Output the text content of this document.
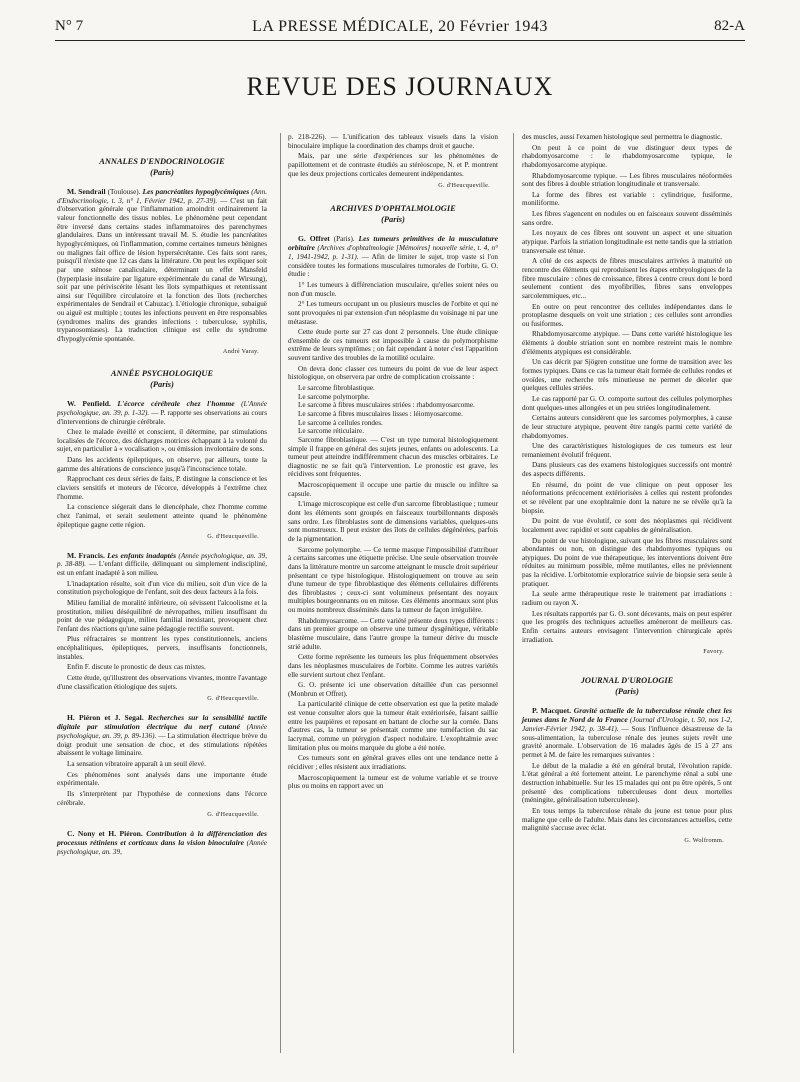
N° 7	LA PRESSE MÉDICALE, 20 Février 1943	82-A
REVUE DES JOURNAUX
ANNALES D'ENDOCRINOLOGIE
(Paris)

M. Sendrail (Toulouse). Les pancréatites hypoglycémiques (Ann. d'Endocrinologie, t. 3, n° 1, Février 1942, p. 27-39). — C'est un fait d'observation générale que l'inflammation amoindrit ordinairement la valeur fonctionnelle des tissus nobles. Le phénomène peut cependant être inversé dans certains stades inflammatoires des parenchymes glandulaires. Dans un intéressant travail M. S. étudie les pancréatites hypoglycémiques, où l'inflammation, comme certaines tumeurs bénignes ou malignes fait office de lésion hypersécrétante. Ces faits sont rares, puisqu'il n'existe que 12 cas dans la littérature. On peut les expliquer soit par une sténose canaliculaire, déterminant un effet Mansfeld (hyperplasie insulaire par ligature expérimentale du canal de Wirsung), soit par une périviscérite lésant les îlots sympathiques et retentissant ainsi sur l'équilibre circulatoire et la fonction des îlots (recherches expérimentales de Sendrail et Cahuzac). L'étiologie chronique, subaiguë ou aiguë est multiple ; toutes les infections peuvent en être responsables (syndromes malins des grandes infections : tuberculose, syphilis, trypanosomiases). La traduction clinique est celle du syndrome d'hypoglycémie spontanée.

André Varay.
ANNÉE PSYCHOLOGIQUE
(Paris)

W. Penfield. L'écorce cérébrale chez l'homme (L'Année psychologique, an. 39, p. 1-32). — P. rapporte ses observations au cours d'interventions de chirurgie cérébrale.

Chez le malade éveillé et conscient, il détermine, par stimulations localisées de l'écorce, des décharges motrices échappant à la volonté du sujet, en particulier à « vocalisation », ou émission involontaire de sons.

Dans les accidents épileptiques, on observe, par ailleurs, toute la gamme des altérations de conscience jusqu'à l'inconscience totale.

Rapprochant ces deux séries de faits, P. distingue la conscience et les claviers sensitifs et moteurs de l'écorce, développés à l'extrême chez l'homme.

La conscience siégerait dans le diencéphale, chez l'homme comme chez l'animal, et serait seulement atteinte quand le phénomène épileptique gagne cette région.

G. d'Heucqueville.

M. Francis. Les enfants inadaptés (Année psychologique, an. 39, p. 38-88). — L'enfant difficile, délinquant ou simplement indiscipliné, est un enfant inadapté à son milieu.

L'inadaptation résulte, soit d'un vice du milieu, soit d'un vice de la constitution psychologique de l'enfant, soit des deux facteurs à la fois.

Milieu familial de moralité inférieure, où sévissent l'alcoolisme et la prostitution, milieu déséquilibré de névropathes, milieu insuffisant du point de vue pédagogique, milieu familial inexistant, provoquent chez l'enfant des réactions qu'une saine pédagogie rectifie souvent.

Plus réfractaires se montrent les types constitutionnels, anciens encéphalitiques, épileptiques, pervers, insuffisants fonctionnels, instables.

Enfin F. discute le pronostic de deux cas mixtes.

Cette étude, qu'illustrent des observations vivantes, montre l'avantage d'une classification étiologique des sujets.

G. d'Heucqueville.

H. Piéron et J. Segal. Recherches sur la sensibilité tactile digitale par stimulation électrique du nerf cutané (Année psychologique, an. 39, p. 89-136). — La stimulation électrique brève du doigt produit une sensation de choc, et des stimulations répétées abaissent le voltage liminaire.

La sensation vibratoire apparaît à un seuil élevé.

Ces phénomènes sont analysés dans une importante étude expérimentale.

Ils s'interprètent par l'hypothèse de connexions dans l'écorce cérébrale.

G. d'Heucqueville.

C. Nony et H. Piéron. Contribution à la différenciation des processus rétiniens et corticaux dans la vision binoculaire (Année psychologique, an. 39,

p. 218-226). — L'unification des tableaux visuels dans la vision binoculaire implique la coordination des champs droit et gauche.

Mais, par une série d'expériences sur les phénomènes de papillottement et de contraste étudiés au stéréoscope, N. et P. montrent que les deux projections corticales demeurent indépendantes.

G. d'Heucqueville.
ARCHIVES D'OPHTALMOLOGIE
(Paris)

G. Offret (Paris). Les tumeurs primitives de la musculature orbitaire (Archives d'ophtalmologie [Mémoires] nouvelle série, t. 4, n° 1, 1941-1942, p. 1-31). — Afin de limiter le sujet, trop vaste si l'on considère toutes les formations musculaires tumorales de l'orbite, G. O. étudie :

1° Les tumeurs à différenciation musculaire, qu'elles soient nées ou non d'un muscle.

2° Les tumeurs occupant un ou plusieurs muscles de l'orbite et qui ne sont provoquées ni par extension d'un néoplasme du voisinage ni par une métastase.

Cette étude porte sur 27 cas dont 2 personnels. Une étude clinique d'ensemble de ces tumeurs est impossible à cause du polymorphisme extrême de leurs symptômes ; on fait cependant à noter c'est l'apparition souvent tardive des troubles de la motilité oculaire.

On devra donc classer ces tumeurs du point de vue de leur aspect histologique, on observera par ordre de complication croissante :

Le sarcome fibroblastique.
Le sarcome polymorphe.
Le sarcome à fibres musculaires striées : rhabdomyosarcome.
Le sarcome à fibres musculaires lisses : léiomyosarcome.
Le sarcome à cellules rondes.
Le sarcome réticulaire.

Sarcome fibroblastique. — C'est un type tumoral histologiquement simple il frappe en général des sujets jeunes, enfants ou adolescents. La tumeur peut atteindre indifféremment chacun des muscles orbitaires. Le diagnostic ne se fait qu'à l'intervention. Le pronostic est grave, les récidives sont fréquentes.

Macroscopiquement il occupe une partie du muscle ou infiltre sa capsule.

L'image microscopique est celle d'un sarcome fibroblastique ; tumeur dont les éléments sont groupés en faisceaux tourbillonnants disposés sans ordre. Les fibroblastes sont de dimensions variables, quelques-uns sont monstrueux. Il peut exister des îlots de cellules dégénérées, parfois de la pigmentation.

Sarcome polymorphe. — Ce terme masque l'impossibilité d'attribuer à certains sarcomes une étiquette précise. Une seule observation trouvée dans la littérature montre un sarcome atteignant le muscle droit supérieur présentant ce type histologique. Histologiquement on trouve au sein d'une tumeur de type fibroblastique des éléments cellulaires différents des fibroblastes ; ceux-ci sont volumineux présentant des noyaux multiples bourgeonnants ou en mitose. Ces éléments anormaux sont plus ou moins nombreux disséminés dans la tumeur de façon irrégulière.

Rhabdomyosarcome. — Cette variété présente deux types différents : dans un premier groupe on observe une tumeur dysgénétique, véritable blastème musculaire, dans l'autre groupe la tumeur dérive du muscle strié adulte.

Cette forme représente les tumeurs les plus fréquemment observées dans les néoplasmes musculaires de l'orbite. Comme les autres variétés elle survient surtout chez l'enfant.

G. O. présente ici une observation détaillée d'un cas personnel (Monbrun et Offret).

La particularité clinique de cette observation est que la petite malade est venue consulter alors que la tumeur était extériorisée, faisant saillie entre les paupières et reposant en battant de cloche sur la cornée. Dans d'autres cas, la tumeur se présentait comme une tuméfaction du sac lacrymal, comme un ptérygion d'aspect nodulaire. L'exophtalmie avec limitation plus ou moins marquée du globe a été notée.

Ces tumeurs sont en général graves elles ont une tendance nette à récidiver ; elles résistent aux irradiations.

Macroscopiquement la tumeur est de volume variable et se trouve plus ou moins en rapport avec un

des muscles, aussi l'examen histologique seul permettra le diagnostic.

On peut à ce point de vue distinguer deux types de rhabdomyosarcome : le rhabdomyosarcome typique, le rhabdomyosarcome atypique.

Rhabdomyosarcome typique. — Les fibres musculaires néoformées sont des fibres à double striation longitudinale et transversale.

La forme des fibres est variable : cylindrique, fusiforme, moniliforme.

Les fibres s'agencent en nodules ou en faisceaux souvent disséminés sans ordre.

Les noyaux de ces fibres ont souvent un aspect et une situation atypique. Parfois la striation longitudinale est nette tandis que la striation transversale est ténue.

A côté de ces aspects de fibres musculaires arrivées à maturité on rencontre des éléments qui reproduisent les étapes embryologiques de la fibre musculaire : cônes de croissance, fibres à centre creux dont le bord seulement contient des myofibrilles, fibres sans enveloppes sarcolemmiques, etc...

En outre on peut rencontrer des cellules indépendantes dans le protoplasme desquels on voit une striation ; ces cellules sont arrondies ou fusiformes.

Rhabdomyosarcome atypique. — Dans cette variété histologique les éléments à double striation sont en nombre restreint mais le nombre d'éléments atypiques est considérable.

Un cas décrit par Sjögren constitue une forme de transition avec les formes typiques. Dans ce cas la tumeur était formée de cellules rondes et ovoïdes, une recherche très minutieuse ne permet de déceler que quelques cellules striées.

Le cas rapporté par G. O. comporte surtout des cellules polymorphes dont quelques-unes allongées et un peu striées longitudinalement.

Certains auteurs considèrent que les sarcomes polymorphes, à cause de leur structure atypique, peuvent être rangés parmi cette variété de rhabdomyomes.

Une des caractéristiques histologiques de ces tumeurs est leur remaniement évolutif fréquent.

Dans plusieurs cas des examens histologiques successifs ont montré des aspects différents.

En résumé, du point de vue clinique on peut opposer les néoformations précocement extériorisées à celles qui restent profondes et se révèlent par une exophtalmie dont la nature ne se révèle qu'à la biopsie.

Du point de vue évolutif, ce sont des néoplasmes qui récidivent localement avec rapidité et sont capables de généralisation.

Du point de vue histologique, suivant que les fibres musculaires sont abondantes ou non, on distingue des rhabdomyomes typiques ou atypiques. Du point de vue thérapeutique, les interventions doivent être réduites au minimum possible, même mutilantes, elles ne préviennent pas la récidive. L'orbitotomie exploratrice suivie de biopsie sera seule à pratiquer.

La seule arme thérapeutique reste le traitement par irradiations : radium ou rayon X.

Les résultats rapportés par G. O. sont décevants, mais on peut espérer que les progrès des techniques actuelles amèneront de meilleurs cas. Enfin certains auteurs envisagent l'intervention chirurgicale après irradiation.

Favory.
JOURNAL D'UROLOGIE
(Paris)

P. Macquet. Gravité actuelle de la tuberculose rénale chez les jeunes dans le Nord de la France (Journal d'Urologie, t. 50, nos 1-2, Janvier-Février 1942, p. 38-41). — Sous l'influence désastreuse de la sous-alimentation, la tuberculose rénale des jeunes sujets revêt une gravité anormale. L'observation de 16 malades âgés de 15 à 27 ans permet à M. de faire les remarques suivantes :

Le début de la maladie a été en général brutal, l'évolution rapide. L'état général a été fortement atteint. Le parenchyme rénal a subi une destruction inhabituelle. Sur les 15 malades qui ont pu être opérés, 5 ont présenté des complications tuberculeuses dont deux mortelles (méningite, généralisation tuberculeuse).

En tous temps la tuberculose rénale du jeune est tenue pour plus maligne que celle de l'adulte. Mais dans les circonstances actuelles, cette malignité s'accuse avec éclat.

G. Wolfromm.
